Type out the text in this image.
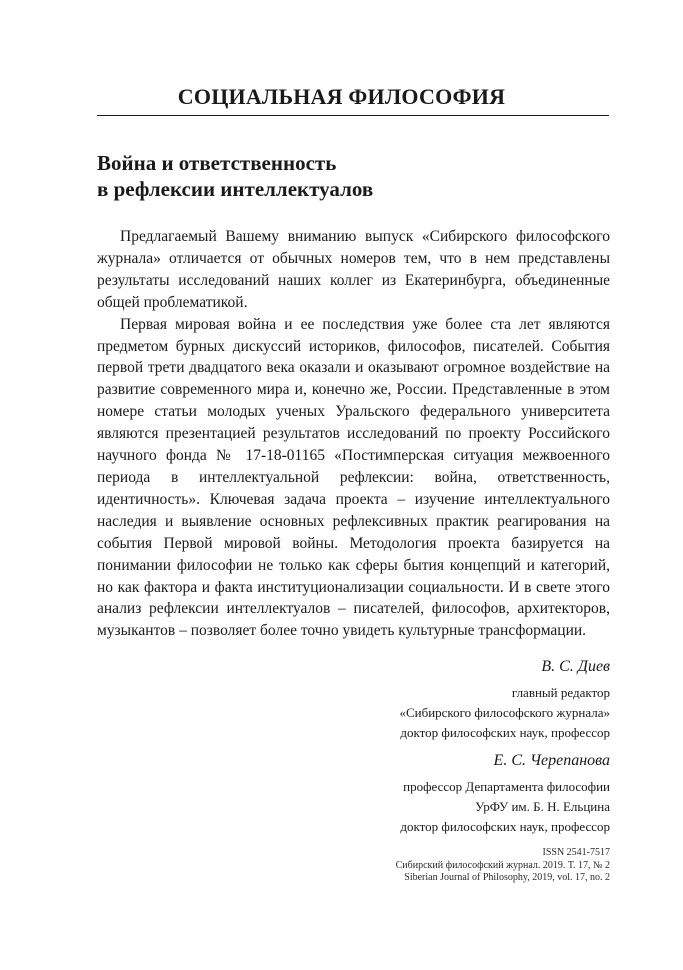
СОЦИАЛЬНАЯ ФИЛОСОФИЯ
Война и ответственность
в рефлексии интеллектуалов

Предлагаемый Вашему вниманию выпуск «Сибирского философского журнала» отличается от обычных номеров тем, что в нем представлены результаты исследований наших коллег из Екатеринбурга, объединенные общей проблематикой.

Первая мировая война и ее последствия уже более ста лет являются предметом бурных дискуссий историков, философов, писателей. События первой трети двадцатого века оказали и оказывают огромное воздействие на развитие современного мира и, конечно же, России. Представленные в этом номере статьи молодых ученых Уральского федерального университета являются презентацией результатов исследований по проекту Российского научного фонда № 17-18-01165 «Постимперская ситуация межвоенного периода в интеллектуальной рефлексии: война, ответственность, идентичность». Ключевая задача проекта – изучение интеллектуального наследия и выявление основных рефлексивных практик реагирования на события Первой мировой войны. Методология проекта базируется на понимании философии не только как сферы бытия концепций и категорий, но как фактора и факта институционализации социальности. И в свете этого анализ рефлексии интеллектуалов – писателей, философов, архитекторов, музыкантов – позволяет более точно увидеть культурные трансформации.

В. С. Диев
главный редактор
«Сибирского философского журнала»
доктор философских наук, профессор
Е. С. Черепанова
профессор Департамента философии
УрФУ им. Б. Н. Ельцина
доктор философских наук, профессор
ISSN 2541-7517
Сибирский философский журнал. 2019. Т. 17, № 2
Siberian Journal of Philosophy, 2019, vol. 17, no. 2
